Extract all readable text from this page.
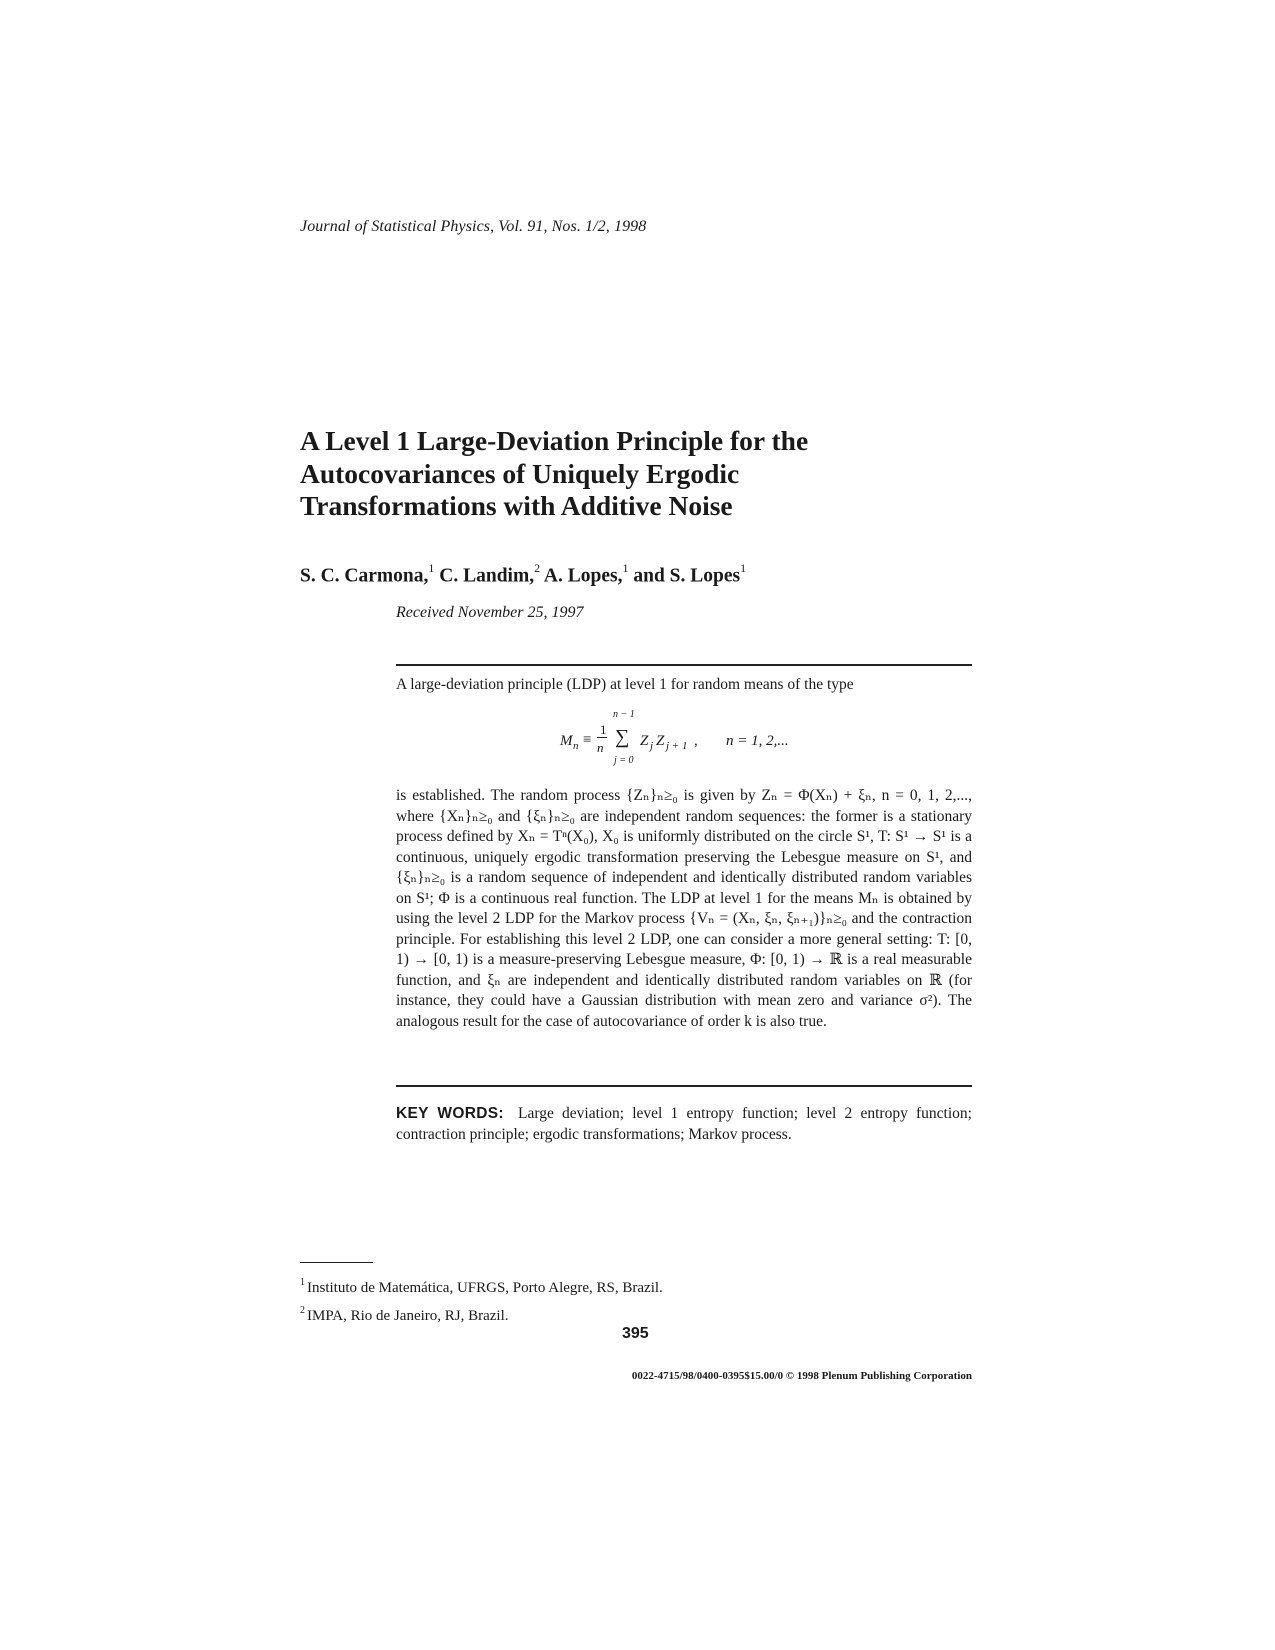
Journal of Statistical Physics, Vol. 91, Nos. 1/2, 1998
A Level 1 Large-Deviation Principle for the
Autocovariances of Uniquely Ergodic
Transformations with Additive Noise
S. C. Carmona,$^1$ C. Landim,$^2$ A. Lopes,$^1$ and S. Lopes$^1$
Received November 25, 1997
A large-deviation principle (LDP) at level 1 for random means of the type
M n ≡
1
n
n − 1
∑
j = 0
Z j Z j + 1 , n = 1, 2,...

is established. The random process {Zₙ}ₙ≥₀ is given by Zₙ = Φ(Xₙ) + ξₙ, n = 0, 1, 2,..., where {Xₙ}ₙ≥₀ and {ξₙ}ₙ≥₀ are independent random sequences: the former is a stationary process defined by Xₙ = Tⁿ(X₀), X₀ is uniformly distributed on the circle S¹, T: S¹ → S¹ is a continuous, uniquely ergodic transformation preserving the Lebesgue measure on S¹, and {ξₙ}ₙ≥₀ is a random sequence of independent and identically distributed random variables on S¹; Φ is a continuous real function. The LDP at level 1 for the means Mₙ is obtained by using the level 2 LDP for the Markov process {Vₙ = (Xₙ, ξₙ, ξₙ₊₁)}ₙ≥₀ and the contraction principle. For establishing this level 2 LDP, one can consider a more general setting: T: [0, 1) → [0, 1) is a measure-preserving Lebesgue measure, Φ: [0, 1) → ℝ is a real measurable function, and ξₙ are independent and identically distributed random variables on ℝ (for instance, they could have a Gaussian distribution with mean zero and variance σ²). The analogous result for the case of autocovariance of order k is also true.

KEY WORDS: Large deviation; level 1 entropy function; level 2 entropy function; contraction principle; ergodic transformations; Markov process.
$^1$ Instituto de Matemática, UFRGS, Porto Alegre, RS, Brazil.
$^2$ IMPA, Rio de Janeiro, RJ, Brazil.
395
0022-4715/98/0400-0395$15.00/0 © 1998 Plenum Publishing Corporation
